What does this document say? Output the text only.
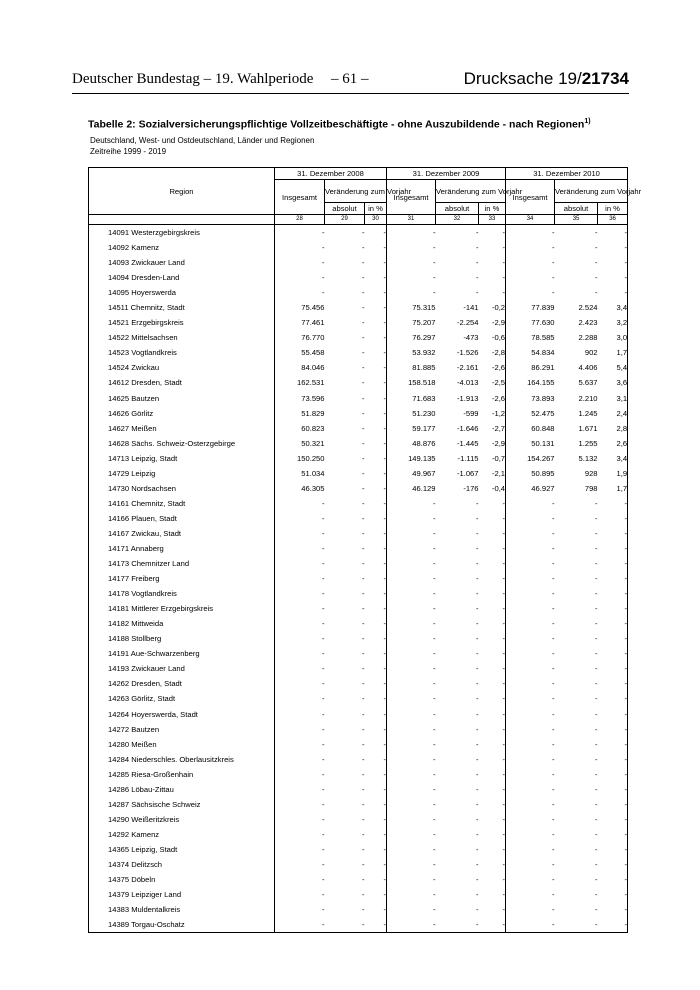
Deutscher Bundestag – 19. Wahlperiode – 61 –	Drucksache 19/21734
Tabelle 2: Sozialversicherungspflichtige Vollzeitbeschäftigte - ohne Auszubildende - nach Regionen$^{1)}$
Deutschland, West- und Ostdeutschland, Länder und Regionen
Zeitreihe 1999 - 2019
Region	31. Dezember 2008			31. Dezember 2009			31. Dezember 2010		
	Insgesamt	Veränderung zum Vorjahr		Insgesamt	Veränderung zum Vorjahr		Insgesamt	Veränderung zum Vorjahr	
		absolut	in %		absolut	in %		absolut	in %
	28	29	30	31	32	33	34	35	36
14091 Westerzgebirgskreis	-	-	-	-	-	-	-	-	-
14092 Kamenz	-	-	-	-	-	-	-	-	-
14093 Zwickauer Land	-	-	-	-	-	-	-	-	-
14094 Dresden-Land	-	-	-	-	-	-	-	-	-
14095 Hoyerswerda	-	-	-	-	-	-	-	-	-
14511 Chemnitz, Stadt	75.456	-	-	75.315	-141	-0,2	77.839	2.524	3,4
14521 Erzgebirgskreis	77.461	-	-	75.207	-2.254	-2,9	77.630	2.423	3,2
14522 Mittelsachsen	76.770	-	-	76.297	-473	-0,6	78.585	2.288	3,0
14523 Vogtlandkreis	55.458	-	-	53.932	-1.526	-2,8	54.834	902	1,7
14524 Zwickau	84.046	-	-	81.885	-2.161	-2,6	86.291	4.406	5,4
14612 Dresden, Stadt	162.531	-	-	158.518	-4.013	-2,5	164.155	5.637	3,6
14625 Bautzen	73.596	-	-	71.683	-1.913	-2,6	73.893	2.210	3,1
14626 Görlitz	51.829	-	-	51.230	-599	-1,2	52.475	1.245	2,4
14627 Meißen	60.823	-	-	59.177	-1.646	-2,7	60.848	1.671	2,8
14628 Sächs. Schweiz-Osterzgebirge	50.321	-	-	48.876	-1.445	-2,9	50.131	1.255	2,6
14713 Leipzig, Stadt	150.250	-	-	149.135	-1.115	-0,7	154.267	5.132	3,4
14729 Leipzig	51.034	-	-	49.967	-1.067	-2,1	50.895	928	1,9
14730 Nordsachsen	46.305	-	-	46.129	-176	-0,4	46.927	798	1,7
14161 Chemnitz, Stadt	-	-	-	-	-	-	-	-	-
14166 Plauen, Stadt	-	-	-	-	-	-	-	-	-
14167 Zwickau, Stadt	-	-	-	-	-	-	-	-	-
14171 Annaberg	-	-	-	-	-	-	-	-	-
14173 Chemnitzer Land	-	-	-	-	-	-	-	-	-
14177 Freiberg	-	-	-	-	-	-	-	-	-
14178 Vogtlandkreis	-	-	-	-	-	-	-	-	-
14181 Mittlerer Erzgebirgskreis	-	-	-	-	-	-	-	-	-
14182 Mittweida	-	-	-	-	-	-	-	-	-
14188 Stollberg	-	-	-	-	-	-	-	-	-
14191 Aue-Schwarzenberg	-	-	-	-	-	-	-	-	-
14193 Zwickauer Land	-	-	-	-	-	-	-	-	-
14262 Dresden, Stadt	-	-	-	-	-	-	-	-	-
14263 Görlitz, Stadt	-	-	-	-	-	-	-	-	-
14264 Hoyerswerda, Stadt	-	-	-	-	-	-	-	-	-
14272 Bautzen	-	-	-	-	-	-	-	-	-
14280 Meißen	-	-	-	-	-	-	-	-	-
14284 Niederschles. Oberlausitzkreis	-	-	-	-	-	-	-	-	-
14285 Riesa-Großenhain	-	-	-	-	-	-	-	-	-
14286 Löbau-Zittau	-	-	-	-	-	-	-	-	-
14287 Sächsische Schweiz	-	-	-	-	-	-	-	-	-
14290 Weißeritzkreis	-	-	-	-	-	-	-	-	-
14292 Kamenz	-	-	-	-	-	-	-	-	-
14365 Leipzig, Stadt	-	-	-	-	-	-	-	-	-
14374 Delitzsch	-	-	-	-	-	-	-	-	-
14375 Döbeln	-	-	-	-	-	-	-	-	-
14379 Leipziger Land	-	-	-	-	-	-	-	-	-
14383 Muldentalkreis	-	-	-	-	-	-	-	-	-
14389 Torgau-Oschatz	-	-	-	-	-	-	-	-	-
